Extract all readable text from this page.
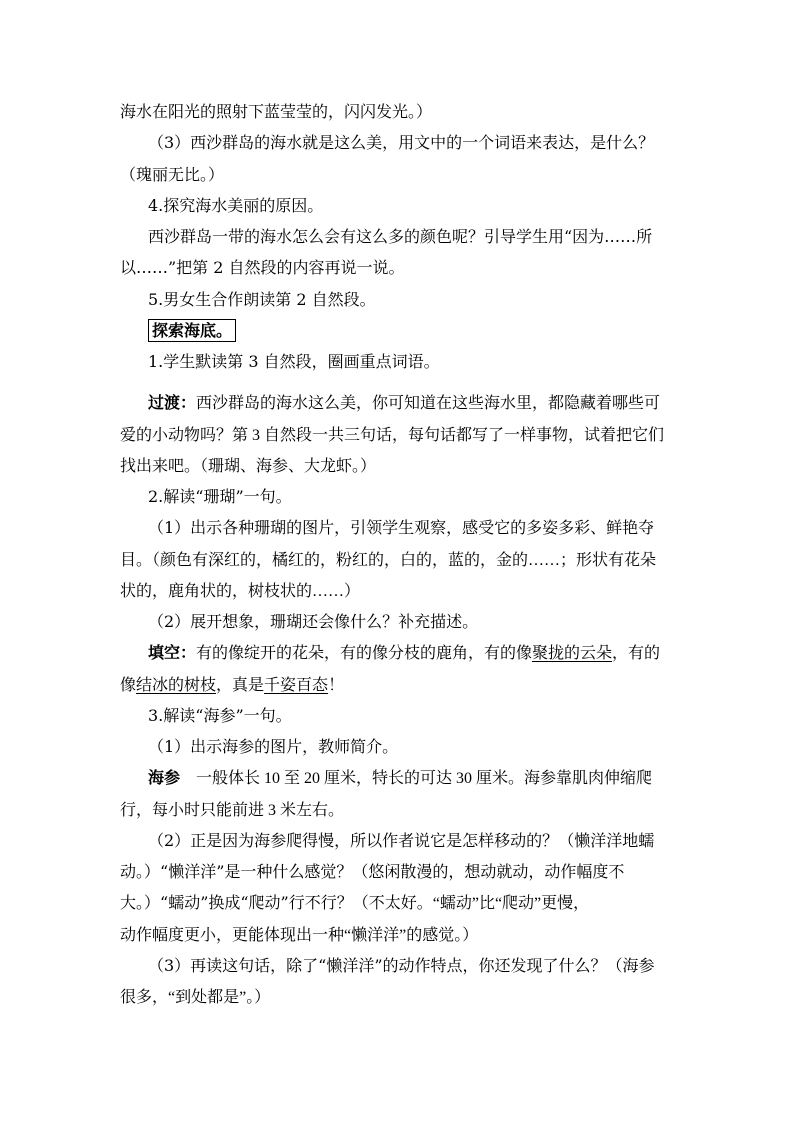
海水在阳光的照射下蓝莹莹的，闪闪发光。）
（3）西沙群岛的海水就是这么美，用文中的一个词语来表达，是什么？
（瑰丽无比。）
4.探究海水美丽的原因。
西沙群岛一带的海水怎么会有这么多的颜色呢？引导学生用“因为……所
以……”把第 2 自然段的内容再说一说。
5.男女生合作朗读第 2 自然段。
探索海底。
1.学生默读第 3 自然段，圈画重点词语。
过渡：西沙群岛的海水这么美，你可知道在这些海水里，都隐藏着哪些可
爱的小动物吗？第 3 自然段一共三句话，每句话都写了一样事物，试着把它们
找出来吧。（珊瑚、海参、大龙虾。）
2.解读“珊瑚”一句。
（1）出示各种珊瑚的图片，引领学生观察，感受它的多姿多彩、鲜艳夺
目。（颜色有深红的，橘红的，粉红的，白的，蓝的，金的……；形状有花朵
状的，鹿角状的，树枝状的……）
（2）展开想象，珊瑚还会像什么？补充描述。
填空：有的像绽开的花朵，有的像分枝的鹿角，有的像聚拢的云朵，有的
像结冰的树枝，真是千姿百态！
3.解读“海参”一句。
（1）出示海参的图片，教师简介。
海参　一般体长 10 至 20 厘米，特长的可达 30 厘米。海参靠肌肉伸缩爬
行，每小时只能前进 3 米左右。
（2）正是因为海参爬得慢，所以作者说它是怎样移动的？（懒洋洋地蠕
动。）“懒洋洋”是一种什么感觉？（悠闲散漫的，想动就动，动作幅度不
大。）“蠕动”换成“爬动”行不行？（不太好。“蠕动”比“爬动”更慢，
动作幅度更小，更能体现出一种“懒洋洋”的感觉。）
（3）再读这句话，除了“懒洋洋”的动作特点，你还发现了什么？（海参
很多，“到处都是”。）
